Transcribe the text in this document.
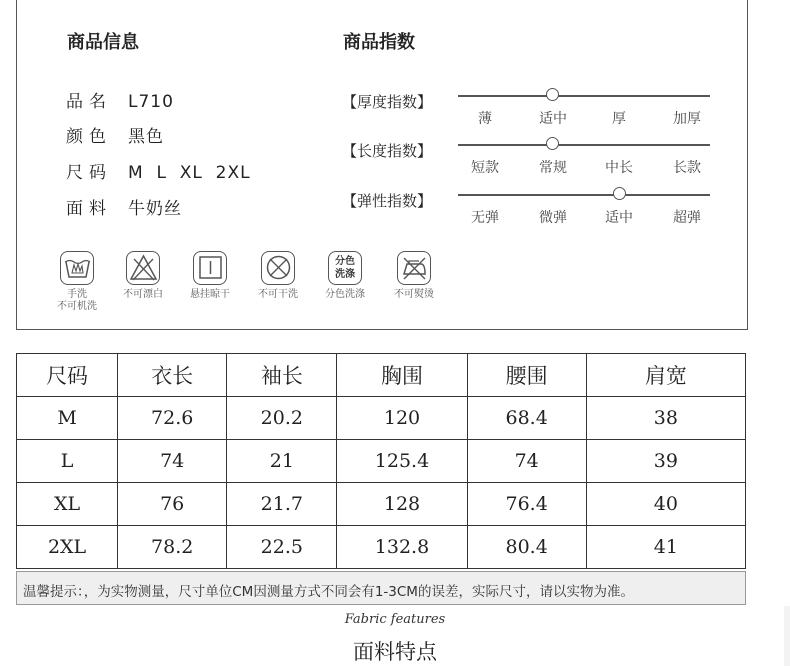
商品信息	商品指数
品名 L710
颜色 黑色
尺码 M  L  XL  2XL
面料 牛奶丝
【厚度指数】
薄	适中	厚	加厚
【长度指数】
短款	常规	中长	长款
【弹性指数】
无弹	微弹	适中	超弹
手洗
不可机洗
不可漂白	悬挂晾干	不可干洗
分色
洗涤
分色洗涤	不可熨烫
尺码	衣长	袖长	胸围	腰围	肩宽
M	72.6	20.2	120	68.4	38
L	74	21	125.4	74	39
XL	76	21.7	128	76.4	40
2XL	78.2	22.5	132.8	80.4	41
温馨提示：，为实物测量，尺寸单位CM因测量方式不同会有1-3CM的误差，实际尺寸，请以实物为准。
Fabric features
面料特点
